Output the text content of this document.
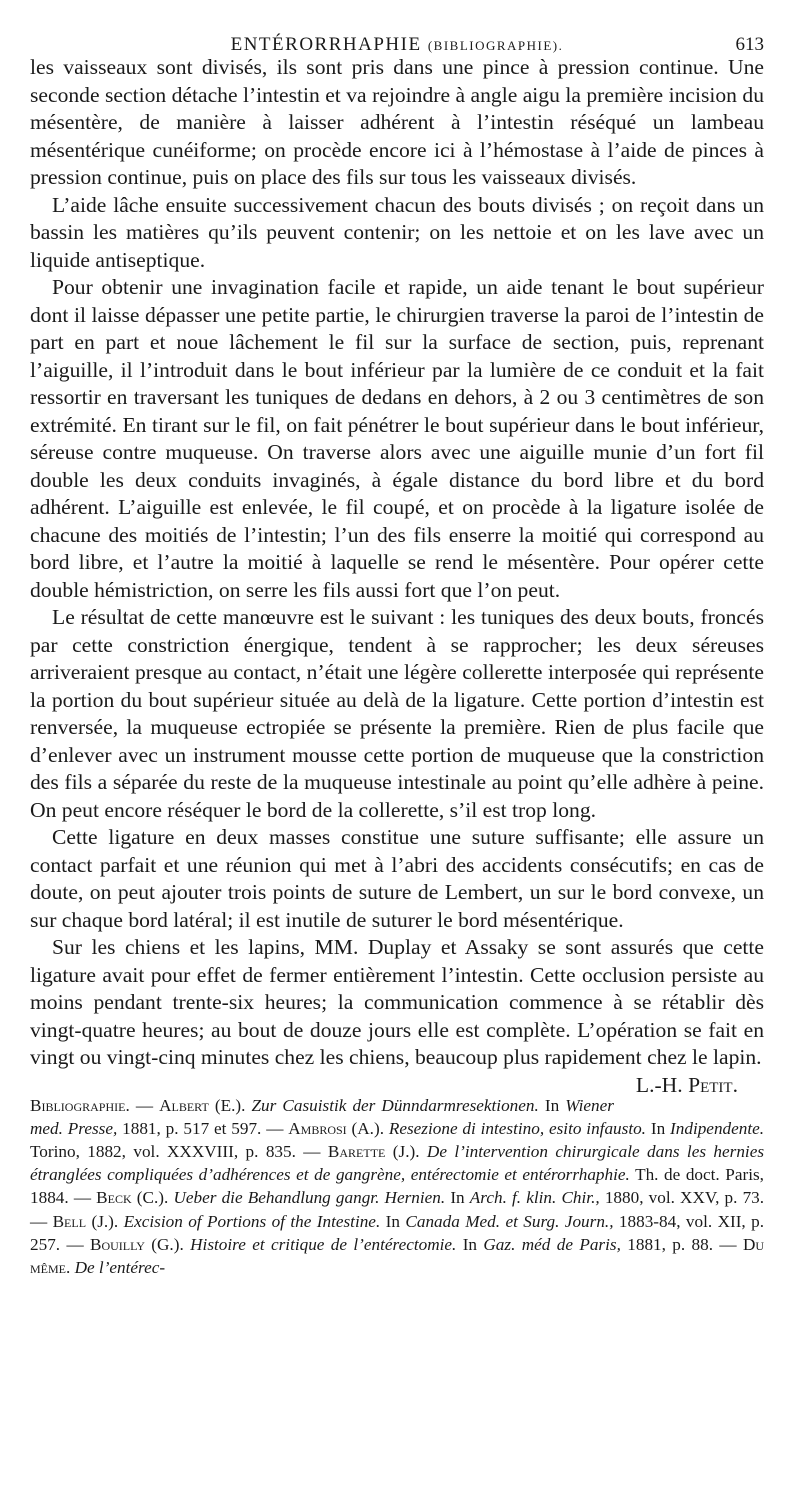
ENTÉRORRHAPHIE (BIBLIOGRAPHIE).	613

les vaisseaux sont divisés, ils sont pris dans une pince à pression continue. Une seconde section détache l’intestin et va rejoindre à angle aigu la première incision du mésentère, de manière à laisser adhérent à l’intestin réséqué un lambeau mésentérique cunéiforme; on procède encore ici à l’hémostase à l’aide de pinces à pression continue, puis on place des fils sur tous les vaisseaux divisés.

L’aide lâche ensuite successivement chacun des bouts divisés ; on reçoit dans un bassin les matières qu’ils peuvent contenir; on les nettoie et on les lave avec un liquide antiseptique.

Pour obtenir une invagination facile et rapide, un aide tenant le bout supérieur dont il laisse dépasser une petite partie, le chirurgien traverse la paroi de l’intestin de part en part et noue lâchement le fil sur la surface de section, puis, reprenant l’aiguille, il l’introduit dans le bout inférieur par la lumière de ce conduit et la fait ressortir en traversant les tuniques de dedans en dehors, à 2 ou 3 centimètres de son extrémité. En tirant sur le fil, on fait pénétrer le bout supérieur dans le bout inférieur, séreuse contre muqueuse. On traverse alors avec une aiguille munie d’un fort fil double les deux conduits invaginés, à égale distance du bord libre et du bord adhérent. L’aiguille est enlevée, le fil coupé, et on procède à la ligature isolée de chacune des moitiés de l’intestin; l’un des fils enserre la moitié qui correspond au bord libre, et l’autre la moitié à laquelle se rend le mésentère. Pour opérer cette double hémistriction, on serre les fils aussi fort que l’on peut.

Le résultat de cette manœuvre est le suivant : les tuniques des deux bouts, froncés par cette constriction énergique, tendent à se rapprocher; les deux séreuses arriveraient presque au contact, n’était une légère collerette interposée qui représente la portion du bout supérieur située au delà de la ligature. Cette portion d’intestin est renversée, la muqueuse ectropiée se présente la première. Rien de plus facile que d’enlever avec un instrument mousse cette portion de muqueuse que la constriction des fils a séparée du reste de la muqueuse intestinale au point qu’elle adhère à peine. On peut encore réséquer le bord de la collerette, s’il est trop long.

Cette ligature en deux masses constitue une suture suffisante; elle assure un contact parfait et une réunion qui met à l’abri des accidents consécutifs; en cas de doute, on peut ajouter trois points de suture de Lembert, un sur le bord convexe, un sur chaque bord latéral; il est inutile de suturer le bord mésentérique.

Sur les chiens et les lapins, MM. Duplay et Assaky se sont assurés que cette ligature avait pour effet de fermer entièrement l’intestin. Cette occlusion persiste au moins pendant trente-six heures; la communication commence à se rétablir dès vingt-quatre heures; au bout de douze jours elle est complète. L’opération se fait en vingt ou vingt-cinq minutes chez les chiens, beaucoup plus rapidement chez le lapin.
L.-H. Petit.

Bibliographie. — Albert (E.). Zur Casuistik der Dünndarmresektionen. In Wiener med. Presse, 1881, p. 517 et 597. — Ambrosi (A.). Resezione di intestino, esito infausto. In Indipendente. Torino, 1882, vol. XXXVIII, p. 835. — Barette (J.). De l’intervention chirurgicale dans les hernies étranglées compliquées d’adhérences et de gangrène, entérectomie et entérorrhaphie. Th. de doct. Paris, 1884. — Beck (C.). Ueber die Behandlung gangr. Hernien. In Arch. f. klin. Chir., 1880, vol. XXV, p. 73. — Bell (J.). Excision of Portions of the Intestine. In Canada Med. et Surg. Journ., 1883-84, vol. XII, p. 257. — Bouilly (G.). Histoire et critique de l’entérectomie. In Gaz. méd de Paris, 1881, p. 88. — Du même. De l’entérec-
